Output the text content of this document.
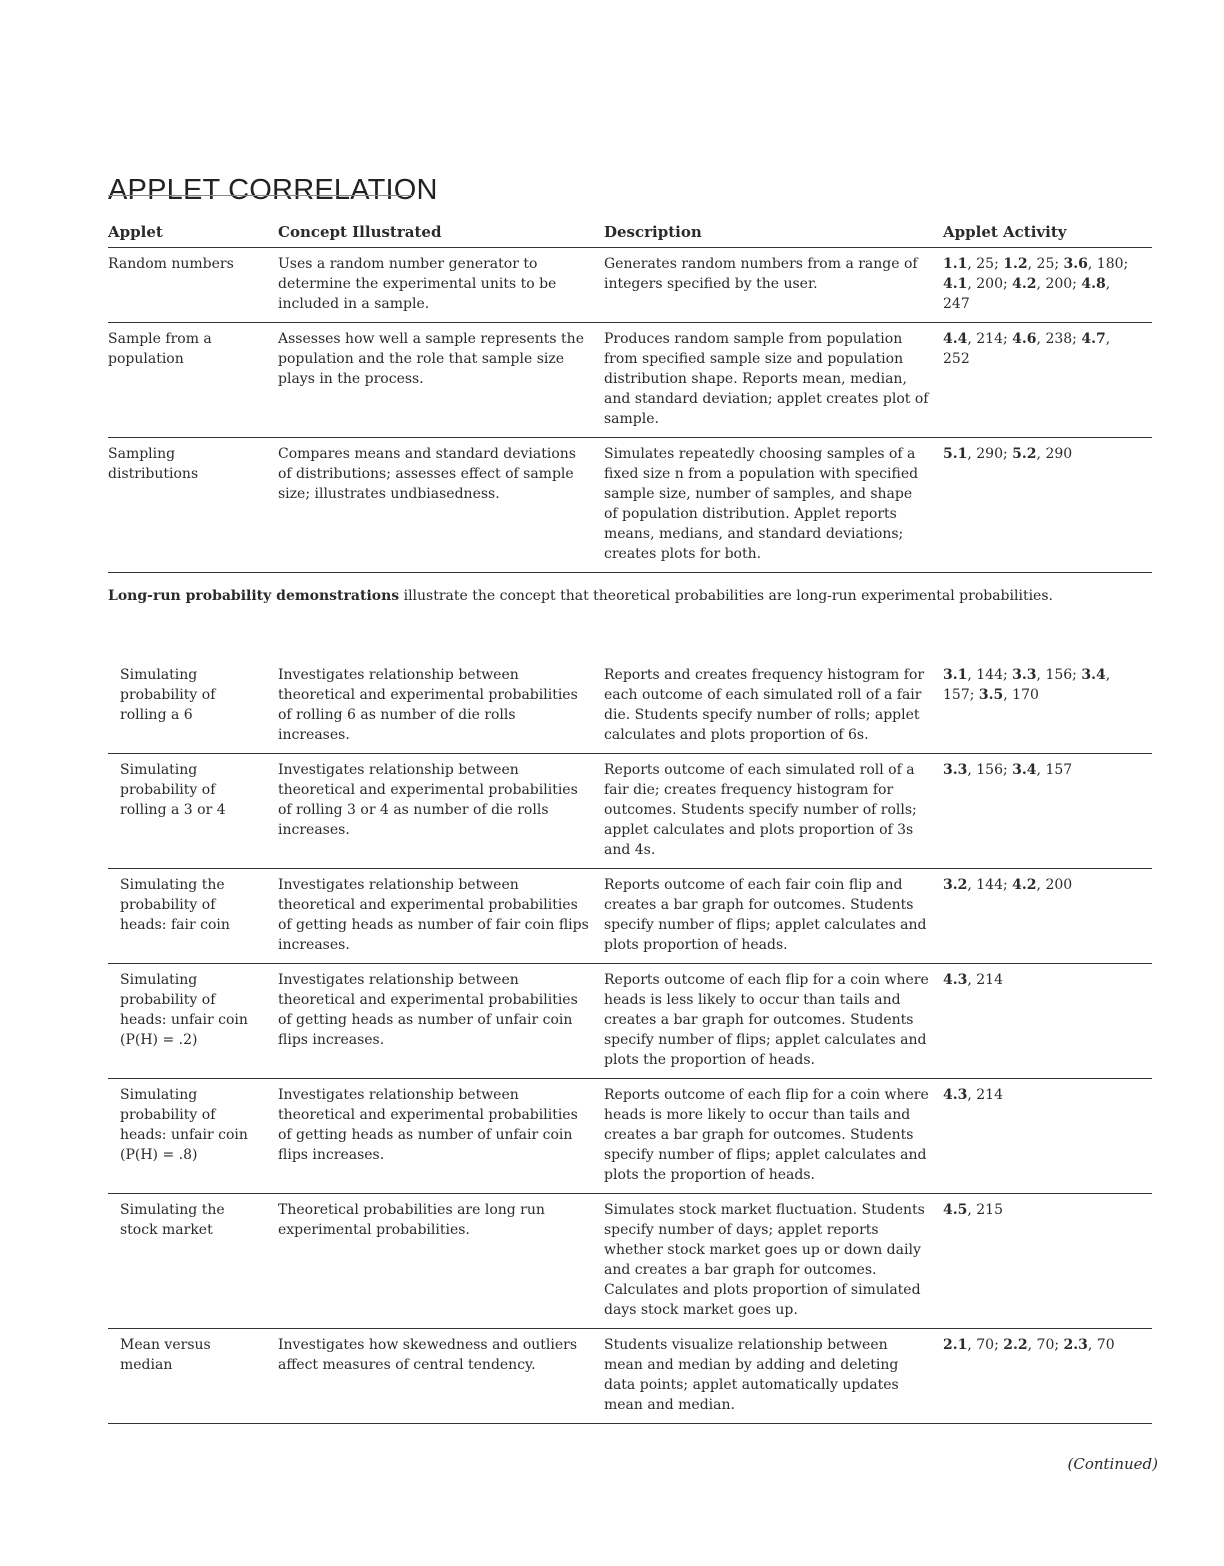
APPLET CORRELATION
Applet	Concept Illustrated	Description	Applet Activity
Random numbers	Uses a random number generator to determine the experimental units to be included in a sample.	Generates random numbers from a range of integers specified by the user.	1.1, 25; 1.2, 25; 3.6, 180; 4.1, 200; 4.2, 200; 4.8, 247
Sample from a population	Assesses how well a sample represents the population and the role that sample size plays in the process.	Produces random sample from population from specified sample size and population distribution shape. Reports mean, median, and standard deviation; applet creates plot of sample.	4.4, 214; 4.6, 238; 4.7, 252
Sampling distributions	Compares means and standard deviations of distributions; assesses effect of sample size; illustrates undbiasedness.	Simulates repeatedly choosing samples of a fixed size n from a population with specified sample size, number of samples, and shape of population distribution. Applet reports means, medians, and standard deviations; creates plots for both.	5.1, 290; 5.2, 290
Long-run probability demonstrations illustrate the concept that theoretical probabilities are long-run experimental probabilities.
Simulating probability of rolling a 6	Investigates relationship between theoretical and experimental probabilities of rolling 6 as number of die rolls increases.	Reports and creates frequency histogram for each outcome of each simulated roll of a fair die. Students specify number of rolls; applet calculates and plots proportion of 6s.	3.1, 144; 3.3, 156; 3.4, 157; 3.5, 170
Simulating probability of rolling a 3 or 4	Investigates relationship between theoretical and experimental probabilities of rolling 3 or 4 as number of die rolls increases.	Reports outcome of each simulated roll of a fair die; creates frequency histogram for outcomes. Students specify number of rolls; applet calculates and plots proportion of 3s and 4s.	3.3, 156; 3.4, 157
Simulating the probability of heads: fair coin	Investigates relationship between theoretical and experimental probabilities of getting heads as number of fair coin flips increases.	Reports outcome of each fair coin flip and creates a bar graph for outcomes. Students specify number of flips; applet calculates and plots proportion of heads.	3.2, 144; 4.2, 200
Simulating probability of heads: unfair coin (P(H) = .2)	Investigates relationship between theoretical and experimental probabilities of getting heads as number of unfair coin flips increases.	Reports outcome of each flip for a coin where heads is less likely to occur than tails and creates a bar graph for outcomes. Students specify number of flips; applet calculates and plots the proportion of heads.	4.3, 214
Simulating probability of heads: unfair coin (P(H) = .8)	Investigates relationship between theoretical and experimental probabilities of getting heads as number of unfair coin flips increases.	Reports outcome of each flip for a coin where heads is more likely to occur than tails and creates a bar graph for outcomes. Students specify number of flips; applet calculates and plots the proportion of heads.	4.3, 214
Simulating the stock market	Theoretical probabilities are long run experimental probabilities.	Simulates stock market fluctuation. Students specify number of days; applet reports whether stock market goes up or down daily and creates a bar graph for outcomes. Calculates and plots proportion of simulated days stock market goes up.	4.5, 215
Mean versus median	Investigates how skewedness and outliers affect measures of central tendency.	Students visualize relationship between mean and median by adding and deleting data points; applet automatically updates mean and median.	2.1, 70; 2.2, 70; 2.3, 70
(Continued)
